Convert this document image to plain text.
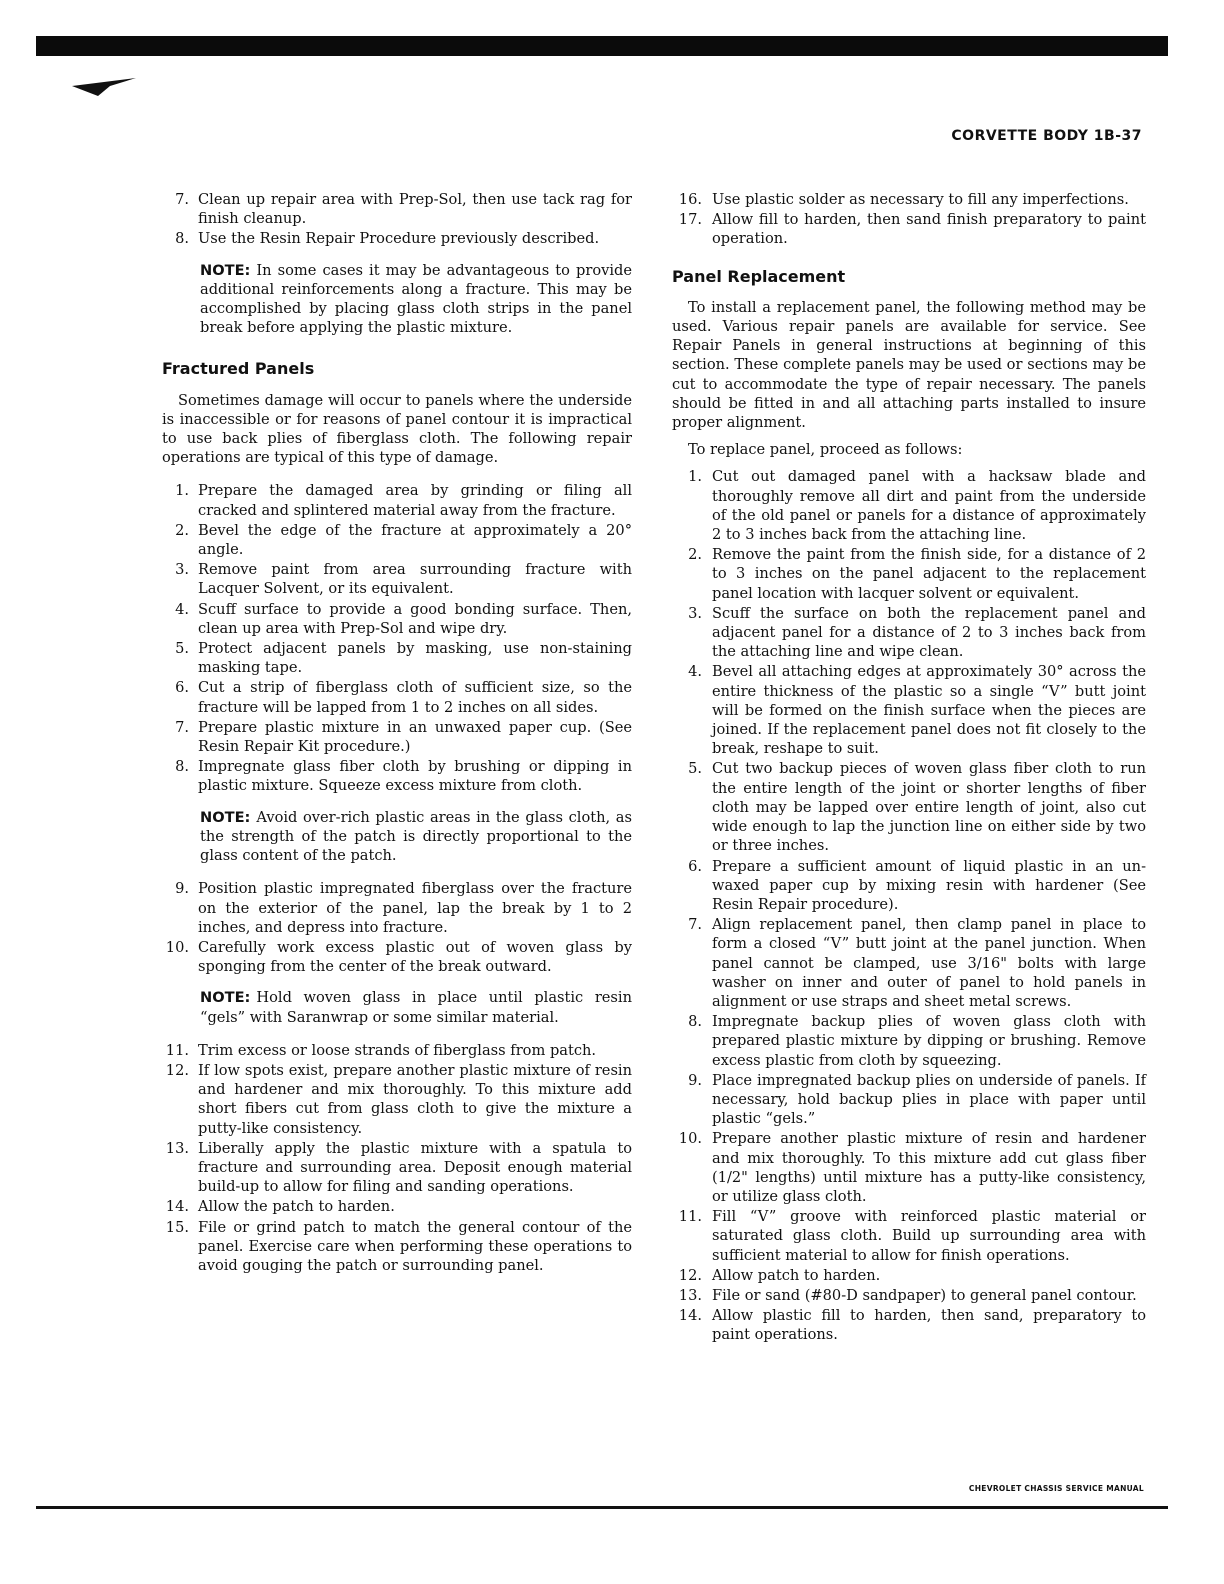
CORVETTE BODY 1B-37
7. Clean up repair area with Prep-Sol, then use tack rag for finish cleanup.
8. Use the Resin Repair Procedure previously described.
NOTE: In some cases it may be advantageous to provide additional reinforcements along a fracture. This may be accomplished by placing glass cloth strips in the panel break before applying the plastic mixture.
Fractured Panels

Sometimes damage will occur to panels where the underside is inaccessible or for reasons of panel contour it is impractical to use back plies of fiberglass cloth. The following repair operations are typical of this type of damage.

1. Prepare the damaged area by grinding or filing all cracked and splintered material away from the fracture.
2. Bevel the edge of the fracture at approximately a 20° angle.
3. Remove paint from area surrounding fracture with Lacquer Solvent, or its equivalent.
4. Scuff surface to provide a good bonding surface. Then, clean up area with Prep-Sol and wipe dry.
5. Protect adjacent panels by masking, use non-staining masking tape.
6. Cut a strip of fiberglass cloth of sufficient size, so the fracture will be lapped from 1 to 2 inches on all sides.
7. Prepare plastic mixture in an unwaxed paper cup. (See Resin Repair Kit procedure.)
8. Impregnate glass fiber cloth by brushing or dipping in plastic mixture. Squeeze excess mixture from cloth.
NOTE: Avoid over-rich plastic areas in the glass cloth, as the strength of the patch is directly proportional to the glass content of the patch.
9. Position plastic impregnated fiberglass over the fracture on the exterior of the panel, lap the break by 1 to 2 inches, and depress into fracture.
10. Carefully work excess plastic out of woven glass by sponging from the center of the break outward.
NOTE: Hold woven glass in place until plastic resin “gels” with Saranwrap or some similar material.
11. Trim excess or loose strands of fiberglass from patch.
12. If low spots exist, prepare another plastic mixture of resin and hardener and mix thoroughly. To this mixture add short fibers cut from glass cloth to give the mixture a putty-like consistency.
13. Liberally apply the plastic mixture with a spatula to fracture and surrounding area. Deposit enough material build-up to allow for filing and sanding operations.
14. Allow the patch to harden.
15. File or grind patch to match the general contour of the panel. Exercise care when performing these operations to avoid gouging the patch or surrounding panel.
16. Use plastic solder as necessary to fill any imperfections.
17. Allow fill to harden, then sand finish preparatory to paint operation.
Panel Replacement

To install a replacement panel, the following method may be used. Various repair panels are available for service. See Repair Panels in general instructions at beginning of this section. These complete panels may be used or sections may be cut to accommodate the type of repair necessary. The panels should be fitted in and all attaching parts installed to insure proper alignment.

To replace panel, proceed as follows:

1. Cut out damaged panel with a hacksaw blade and thoroughly remove all dirt and paint from the underside of the old panel or panels for a distance of approximately 2 to 3 inches back from the attaching line.
2. Remove the paint from the finish side, for a distance of 2 to 3 inches on the panel adjacent to the replacement panel location with lacquer solvent or equivalent.
3. Scuff the surface on both the replacement panel and adjacent panel for a distance of 2 to 3 inches back from the attaching line and wipe clean.
4. Bevel all attaching edges at approximately 30° across the entire thickness of the plastic so a single “V” butt joint will be formed on the finish surface when the pieces are joined. If the replacement panel does not fit closely to the break, reshape to suit.
5. Cut two backup pieces of woven glass fiber cloth to run the entire length of the joint or shorter lengths of fiber cloth may be lapped over entire length of joint, also cut wide enough to lap the junction line on either side by two or three inches.
6. Prepare a sufficient amount of liquid plastic in an un-waxed paper cup by mixing resin with hardener (See Resin Repair procedure).
7. Align replacement panel, then clamp panel in place to form a closed “V” butt joint at the panel junction. When panel cannot be clamped, use 3/16" bolts with large washer on inner and outer of panel to hold panels in alignment or use straps and sheet metal screws.
8. Impregnate backup plies of woven glass cloth with prepared plastic mixture by dipping or brushing. Remove excess plastic from cloth by squeezing.
9. Place impregnated backup plies on underside of panels. If necessary, hold backup plies in place with paper until plastic “gels.”
10. Prepare another plastic mixture of resin and hardener and mix thoroughly. To this mixture add cut glass fiber (1/2" lengths) until mixture has a putty-like consistency, or utilize glass cloth.
11. Fill “V” groove with reinforced plastic material or saturated glass cloth. Build up surrounding area with sufficient material to allow for finish operations.
12. Allow patch to harden.
13. File or sand (#80-D sandpaper) to general panel contour.
14. Allow plastic fill to harden, then sand, preparatory to paint operations.
CHEVROLET CHASSIS SERVICE MANUAL
